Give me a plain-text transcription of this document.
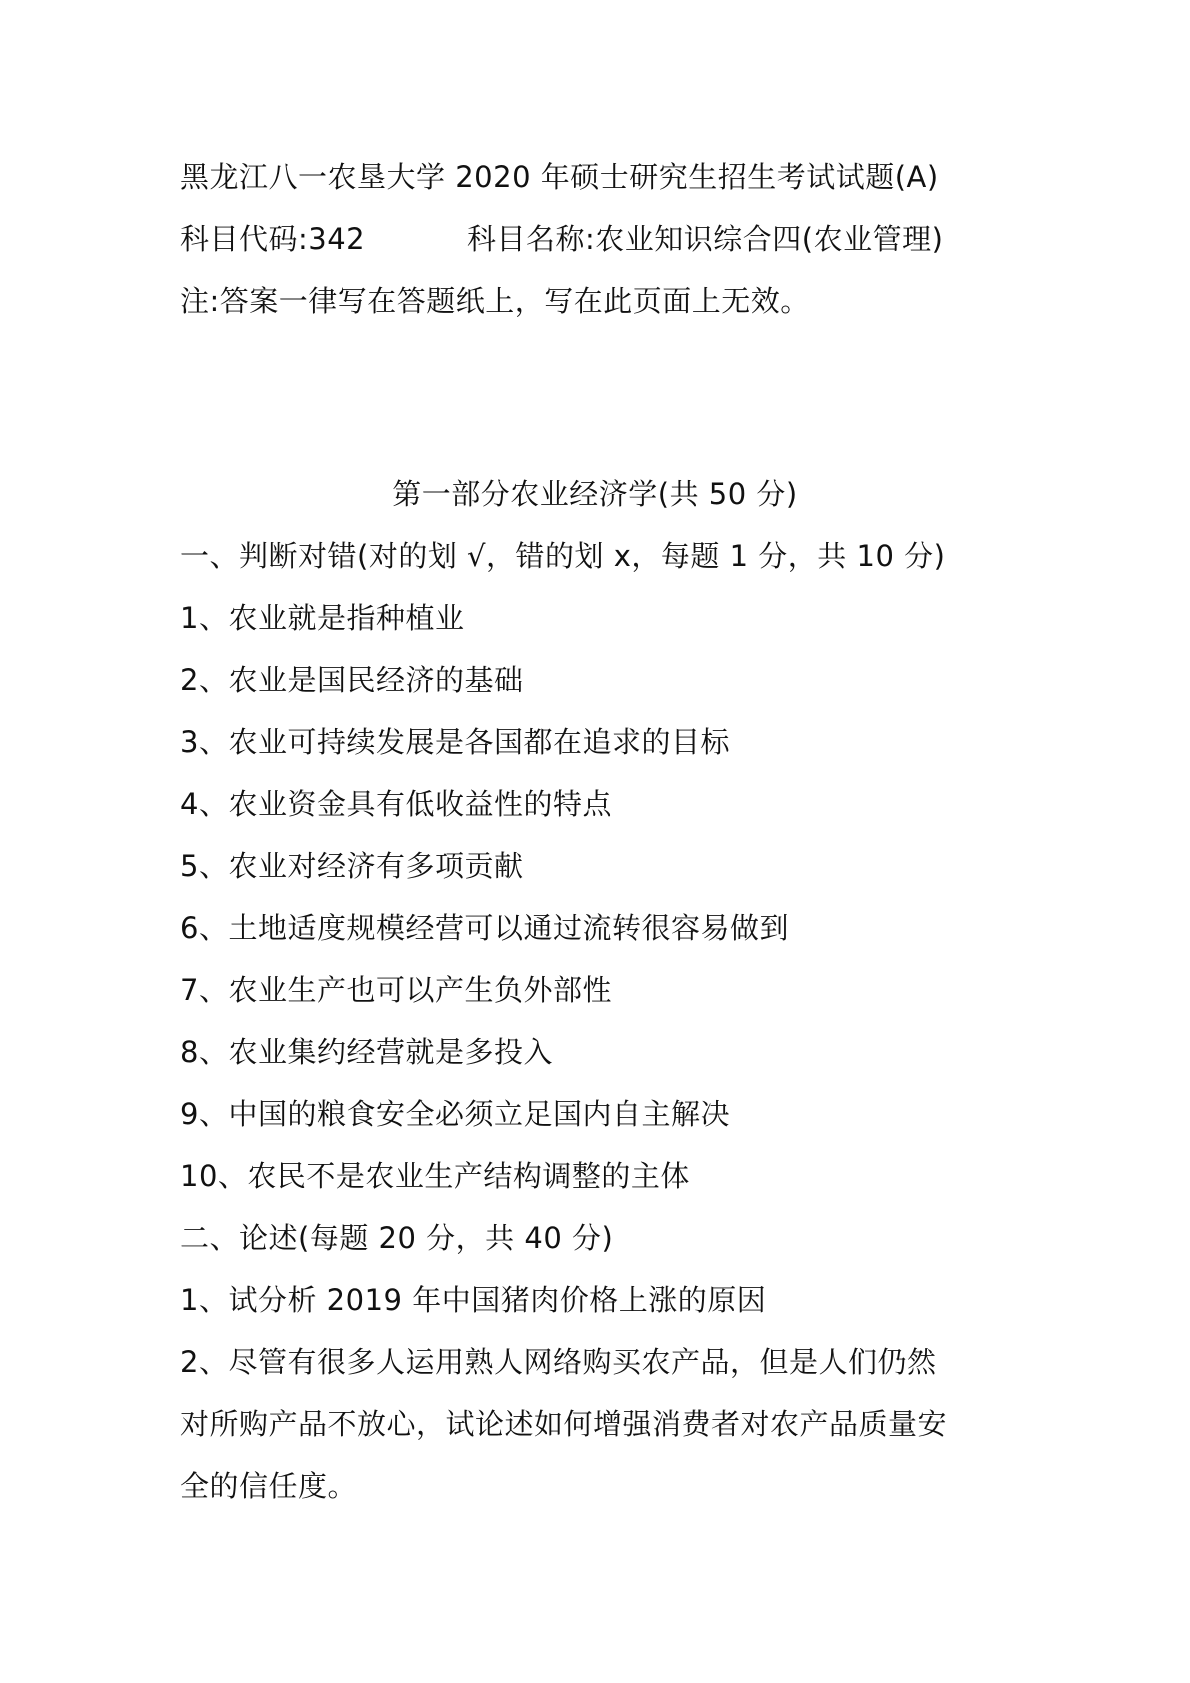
黑龙江八一农垦大学 2020 年硕士研究生招生考试试题(A)
科目代码:342	科目名称:农业知识综合四(农业管理)
注:答案一律写在答题纸上，写在此页面上无效。
第一部分农业经济学(共 50 分)
一、判断对错(对的划 √，错的划 x，每题 1 分，共 10 分)
1、农业就是指种植业
2、农业是国民经济的基础
3、农业可持续发展是各国都在追求的目标
4、农业资金具有低收益性的特点
5、农业对经济有多项贡献
6、土地适度规模经营可以通过流转很容易做到
7、农业生产也可以产生负外部性
8、农业集约经营就是多投入
9、中国的粮食安全必须立足国内自主解决
10、农民不是农业生产结构调整的主体
二、论述(每题 20 分，共 40 分)
1、试分析 2019 年中国猪肉价格上涨的原因
2、尽管有很多人运用熟人网络购买农产品，但是人们仍然
对所购产品不放心，试论述如何增强消费者对农产品质量安
全的信任度。
